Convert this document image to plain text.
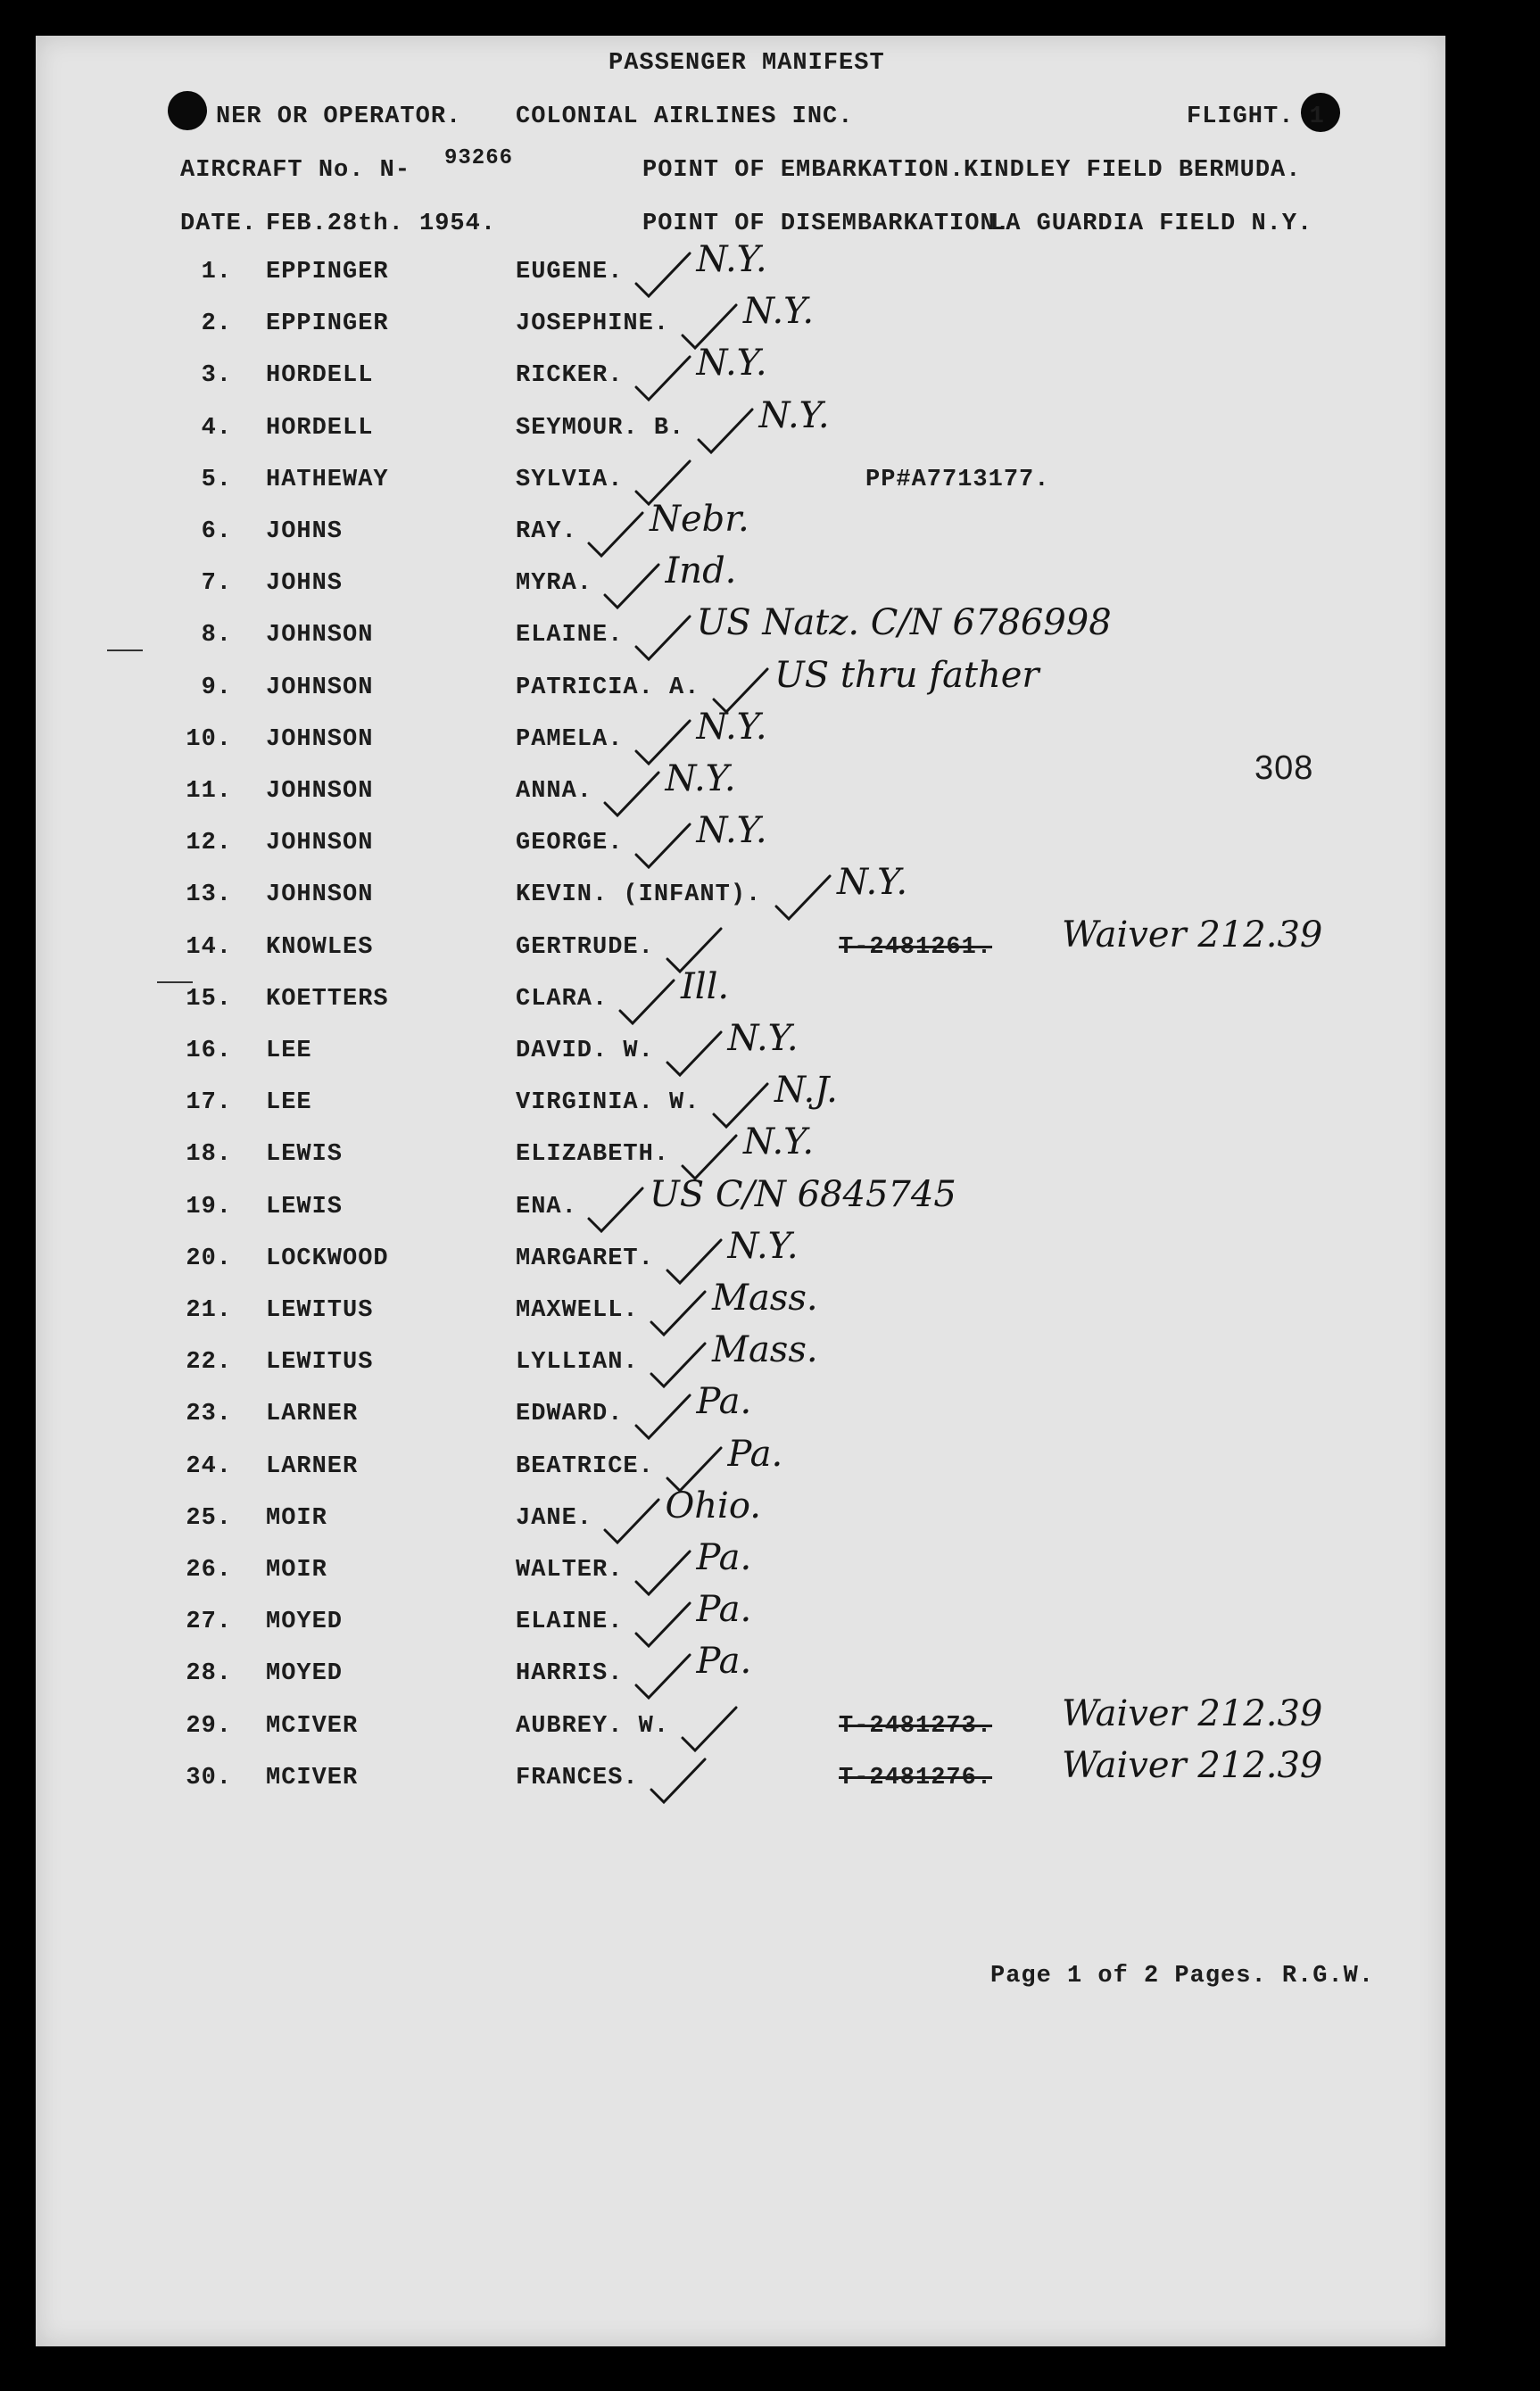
PASSENGER MANIFEST
NER OR OPERATOR. COLONIAL AIRLINES INC.	FLIGHT. 1
AIRCRAFT No. N- 93266	POINT OF EMBARKATION.
KINDLEY FIELD BERMUDA.
DATE. FEB.28th. 1954.	POINT OF DISEMBARKATION.
LA GUARDIA FIELD N.Y.
1. EPPINGER	EUGENE. N.Y.
2. EPPINGER	JOSEPHINE. N.Y.
3. HORDELL	RICKER. N.Y.
4. HORDELL	SEYMOUR. B. N.Y.
5. HATHEWAY	SYLVIA.	PP#A7713177.
6. JOHNS	RAY. Nebr.
7. JOHNS	MYRA. Ind.
8. JOHNSON	ELAINE. US Natz. C/N 6786998
9. JOHNSON	PATRICIA. A. US thru father
10. JOHNSON	PAMELA. N.Y.
11. JOHNSON	ANNA. N.Y.
12. JOHNSON	GEORGE. N.Y.
13. JOHNSON	KEVIN. (INFANT). N.Y.
14. KNOWLES	GERTRUDE.	T-2481261. Waiver 212.39
15. KOETTERS	CLARA. Ill.
16. LEE	DAVID. W. N.Y.
17. LEE	VIRGINIA. W. N.J.
18. LEWIS	ELIZABETH. N.Y.
19. LEWIS	ENA. US C/N 6845745
20. LOCKWOOD	MARGARET. N.Y.
21. LEWITUS	MAXWELL. Mass.
22. LEWITUS	LYLLIAN. Mass.
23. LARNER	EDWARD. Pa.
24. LARNER	BEATRICE. Pa.
25. MOIR	JANE. Ohio.
26. MOIR	WALTER. Pa.
27. MOYED	ELAINE. Pa.
28. MOYED	HARRIS. Pa.
29. MCIVER	AUBREY. W.	T-2481273. Waiver 212.39
30. MCIVER	FRANCES.	T-2481276. Waiver 212.39
308
Page 1 of 2 Pages. R.G.W.
